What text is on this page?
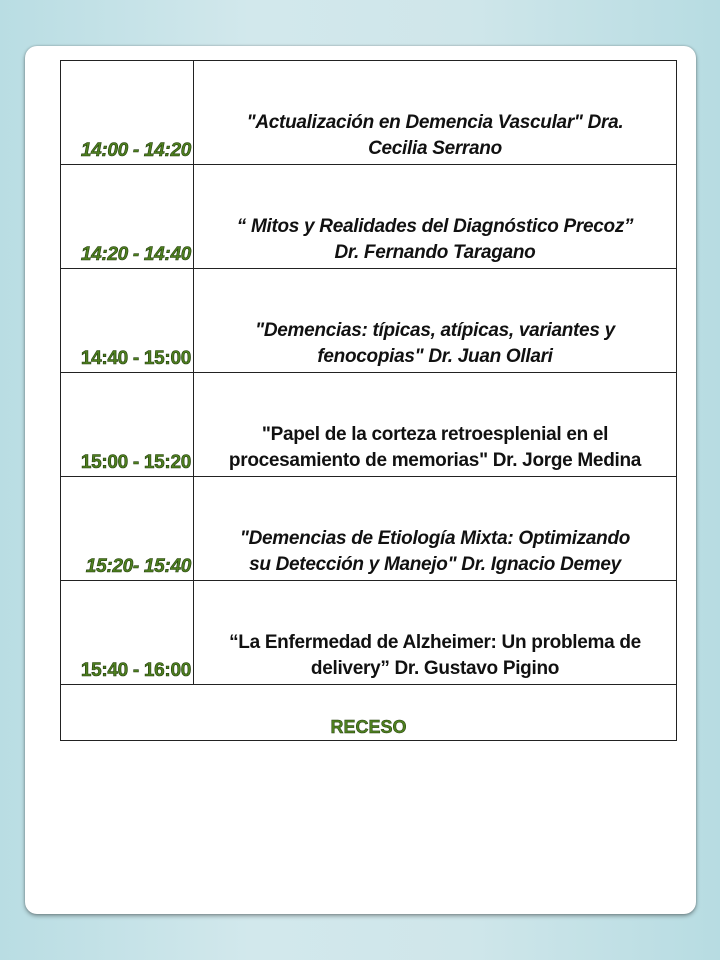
14:00 - 14:20	"Actualización en Demencia Vascular" Dra.
Cecilia Serrano

14:20 - 14:40	“ Mitos y Realidades del Diagnóstico Precoz”
Dr. Fernando Taragano

14:40 - 15:00	"Demencias: típicas, atípicas, variantes y
fenocopias" Dr. Juan Ollari

15:00 - 15:20	"Papel de la corteza retroesplenial en el
procesamiento de memorias" Dr. Jorge Medina

15:20- 15:40	"Demencias de Etiología Mixta: Optimizando
su Detección y Manejo" Dr. Ignacio Demey

15:40 - 16:00	“La Enfermedad de Alzheimer: Un problema de
delivery” Dr. Gustavo Pigino

RECESO	
